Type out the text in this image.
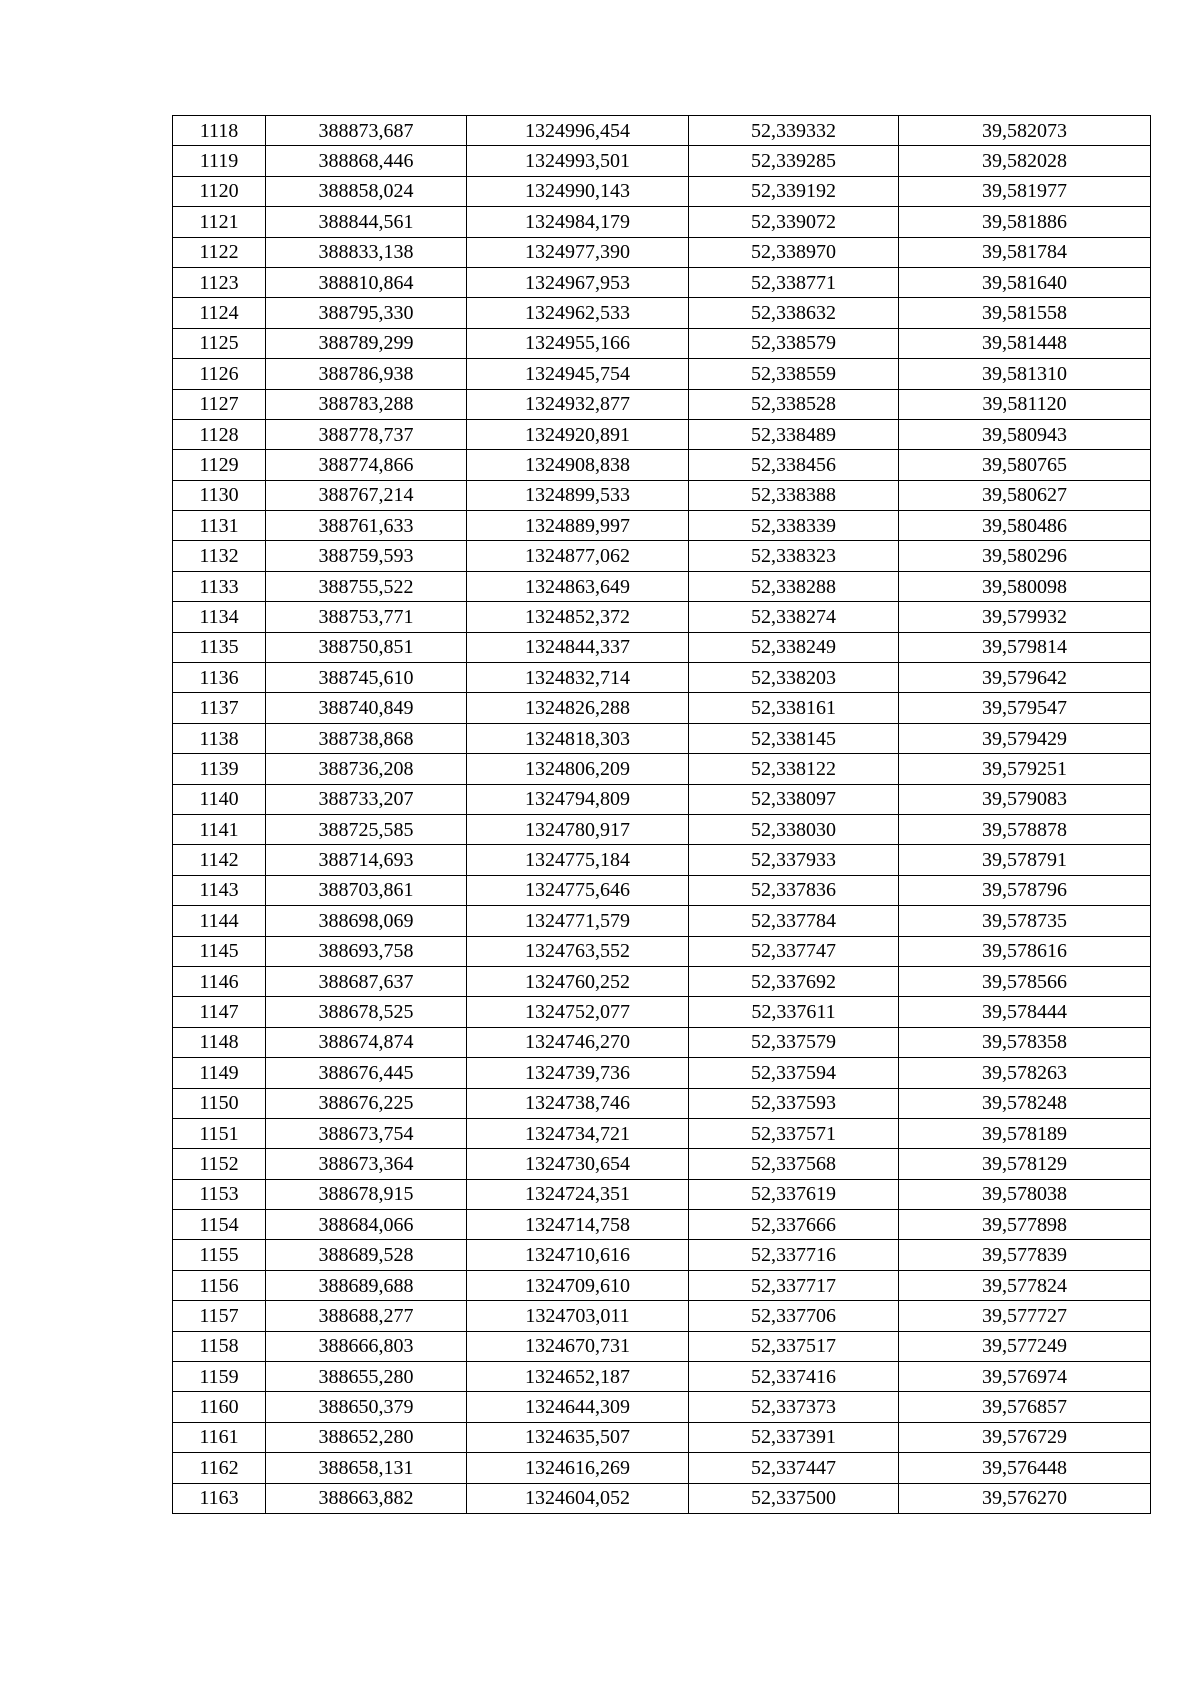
1118	388873,687	1324996,454	52,339332	39,582073
1119	388868,446	1324993,501	52,339285	39,582028
1120	388858,024	1324990,143	52,339192	39,581977
1121	388844,561	1324984,179	52,339072	39,581886
1122	388833,138	1324977,390	52,338970	39,581784
1123	388810,864	1324967,953	52,338771	39,581640
1124	388795,330	1324962,533	52,338632	39,581558
1125	388789,299	1324955,166	52,338579	39,581448
1126	388786,938	1324945,754	52,338559	39,581310
1127	388783,288	1324932,877	52,338528	39,581120
1128	388778,737	1324920,891	52,338489	39,580943
1129	388774,866	1324908,838	52,338456	39,580765
1130	388767,214	1324899,533	52,338388	39,580627
1131	388761,633	1324889,997	52,338339	39,580486
1132	388759,593	1324877,062	52,338323	39,580296
1133	388755,522	1324863,649	52,338288	39,580098
1134	388753,771	1324852,372	52,338274	39,579932
1135	388750,851	1324844,337	52,338249	39,579814
1136	388745,610	1324832,714	52,338203	39,579642
1137	388740,849	1324826,288	52,338161	39,579547
1138	388738,868	1324818,303	52,338145	39,579429
1139	388736,208	1324806,209	52,338122	39,579251
1140	388733,207	1324794,809	52,338097	39,579083
1141	388725,585	1324780,917	52,338030	39,578878
1142	388714,693	1324775,184	52,337933	39,578791
1143	388703,861	1324775,646	52,337836	39,578796
1144	388698,069	1324771,579	52,337784	39,578735
1145	388693,758	1324763,552	52,337747	39,578616
1146	388687,637	1324760,252	52,337692	39,578566
1147	388678,525	1324752,077	52,337611	39,578444
1148	388674,874	1324746,270	52,337579	39,578358
1149	388676,445	1324739,736	52,337594	39,578263
1150	388676,225	1324738,746	52,337593	39,578248
1151	388673,754	1324734,721	52,337571	39,578189
1152	388673,364	1324730,654	52,337568	39,578129
1153	388678,915	1324724,351	52,337619	39,578038
1154	388684,066	1324714,758	52,337666	39,577898
1155	388689,528	1324710,616	52,337716	39,577839
1156	388689,688	1324709,610	52,337717	39,577824
1157	388688,277	1324703,011	52,337706	39,577727
1158	388666,803	1324670,731	52,337517	39,577249
1159	388655,280	1324652,187	52,337416	39,576974
1160	388650,379	1324644,309	52,337373	39,576857
1161	388652,280	1324635,507	52,337391	39,576729
1162	388658,131	1324616,269	52,337447	39,576448
1163	388663,882	1324604,052	52,337500	39,576270
